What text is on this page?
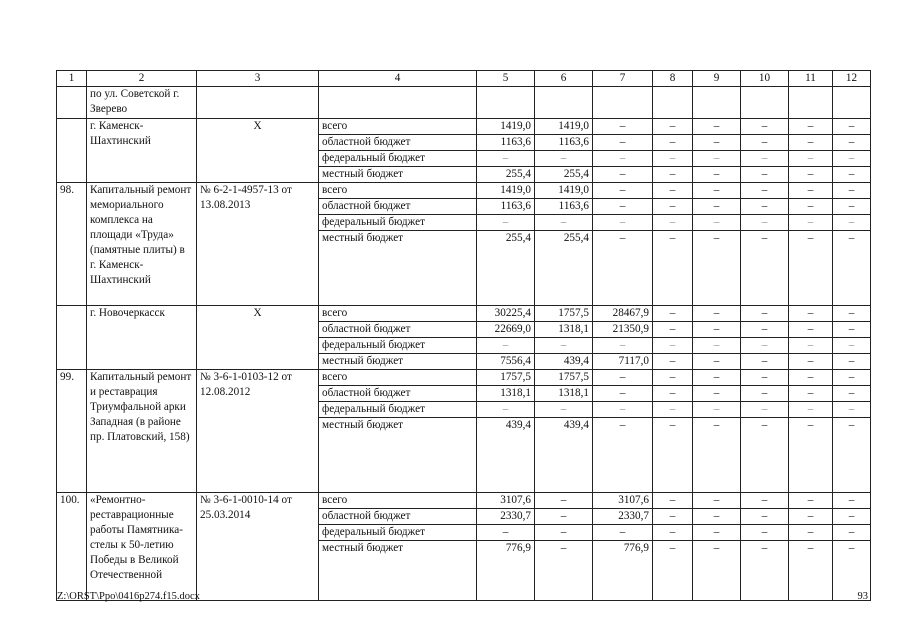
1	2	3	4	5	6	7	8	9	10	11	12
	по ул. Советской г. Зверево										
	г. Каменск-Шахтинский	X	всего	1419,0	1419,0	–	–	–	–	–	–
			областной бюджет	1163,6	1163,6	–	–	–	–	–	–
			федеральный бюджет	–	–	–	–	–	–	–	–
			местный бюджет	255,4	255,4	–	–	–	–	–	–
98.	Капитальный ремонт мемориального комплекса на площади «Труда» (памятные плиты) в г. Каменск-Шахтинский	№ 6-2-1-4957-13 от 13.08.2013	всего	1419,0	1419,0	–	–	–	–	–	–
			областной бюджет	1163,6	1163,6	–	–	–	–	–	–
			федеральный бюджет	–	–	–	–	–	–	–	–
			местный бюджет	255,4	255,4	–	–	–	–	–	–
	г. Новочеркасск	X	всего	30225,4	1757,5	28467,9	–	–	–	–	–
			областной бюджет	22669,0	1318,1	21350,9	–	–	–	–	–
			федеральный бюджет	–	–	–	–	–	–	–	–
			местный бюджет	7556,4	439,4	7117,0	–	–	–	–	–
99.	Капитальный ремонт и реставрация Триумфальной арки Западная (в районе пр. Платовский, 158)	№ 3-6-1-0103-12 от 12.08.2012	всего	1757,5	1757,5	–	–	–	–	–	–
			областной бюджет	1318,1	1318,1	–	–	–	–	–	–
			федеральный бюджет	–	–	–	–	–	–	–	–
			местный бюджет	439,4	439,4	–	–	–	–	–	–
100.	«Ремонтно-реставрационные работы Памятника-стелы к 50-летию Победы в Великой Отечественной	№ 3-6-1-0010-14 от 25.03.2014	всего	3107,6	–	3107,6	–	–	–	–	–
			областной бюджет	2330,7	–	2330,7	–	–	–	–	–
			федеральный бюджет	–	–	–	–	–	–	–	–
			местный бюджет	776,9	–	776,9	–	–	–	–	–
Z:\ORST\Ppo\0416p274.f15.docx	93
